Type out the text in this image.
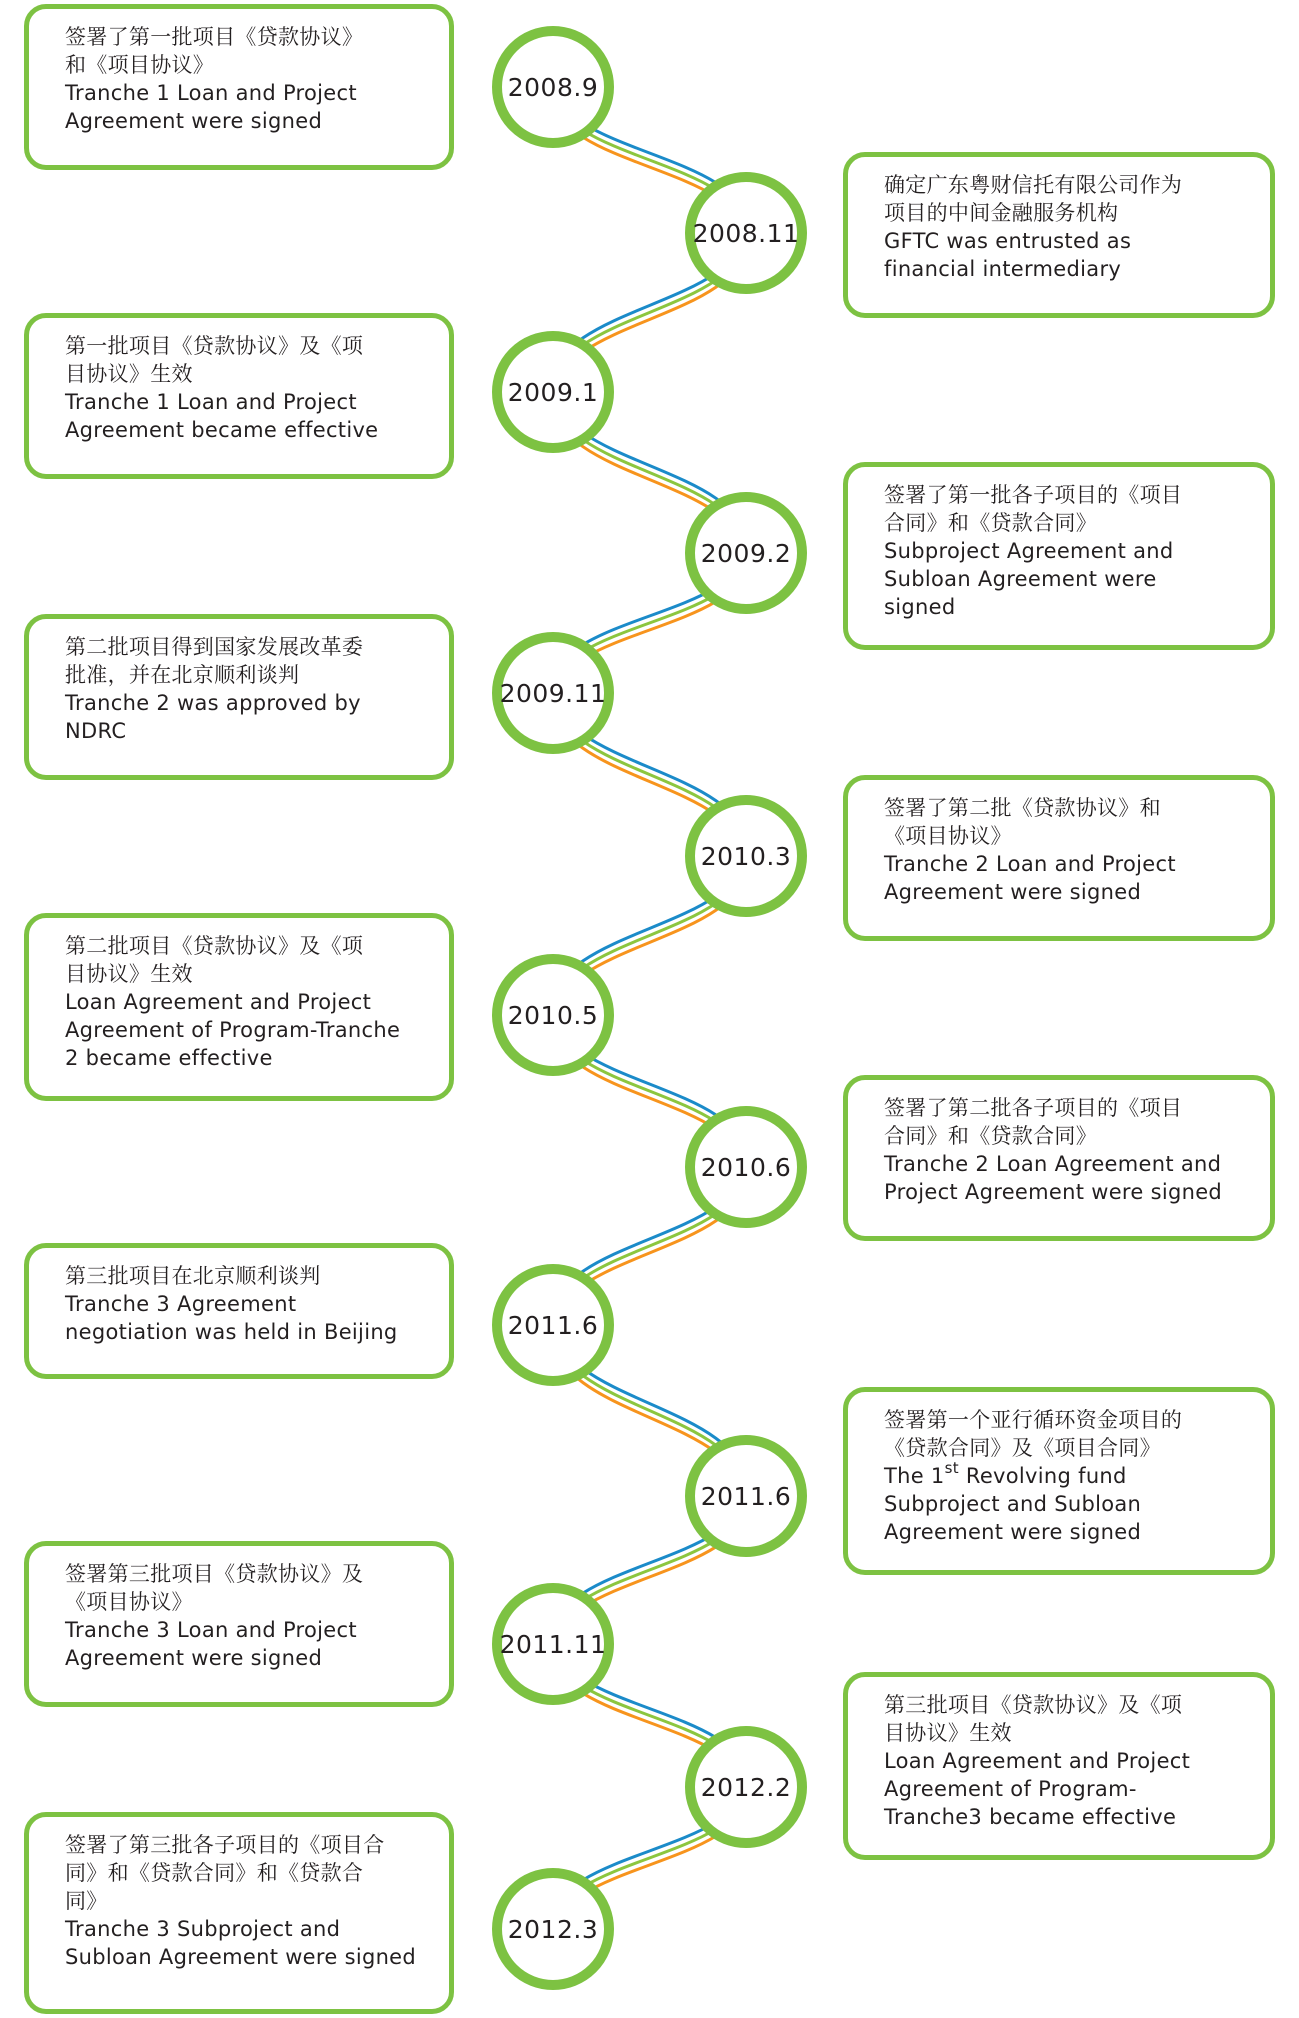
签署了第一批项目《贷款协议》
和《项目协议》
Tranche 1 Loan and Project
Agreement were signed
确定广东粤财信托有限公司作为
项目的中间金融服务机构
GFTC was entrusted as
financial intermediary
第一批项目《贷款协议》及《项
目协议》生效
Tranche 1 Loan and Project
Agreement became effective
签署了第一批各子项目的《项目
合同》和《贷款合同》
Subproject Agreement and
Subloan Agreement were
signed
第二批项目得到国家发展改革委
批准，并在北京顺利谈判
Tranche 2 was approved by
NDRC
签署了第二批《贷款协议》和
《项目协议》
Tranche 2 Loan and Project
Agreement were signed
第二批项目《贷款协议》及《项
目协议》生效
Loan Agreement and Project
Agreement of Program-Tranche
2 became effective
签署了第二批各子项目的《项目
合同》和《贷款合同》
Tranche 2 Loan Agreement and
Project Agreement were signed
第三批项目在北京顺利谈判
Tranche 3 Agreement
negotiation was held in Beijing
签署第一个亚行循环资金项目的
《贷款合同》及《项目合同》
The 1st Revolving fund
Subproject and Subloan
Agreement were signed
签署第三批项目《贷款协议》及
《项目协议》
Tranche 3 Loan and Project
Agreement were signed
第三批项目《贷款协议》及《项
目协议》生效
Loan Agreement and Project
Agreement of Program-
Tranche3 became effective
签署了第三批各子项目的《项目合
同》和《贷款合同》和《贷款合
同》
Tranche 3 Subproject and
Subloan Agreement were signed
2008.9
2008.11
2009.1
2009.2
2009.11
2010.3
2010.5
2010.6
2011.6
2011.6
2011.11
2012.2
2012.3
